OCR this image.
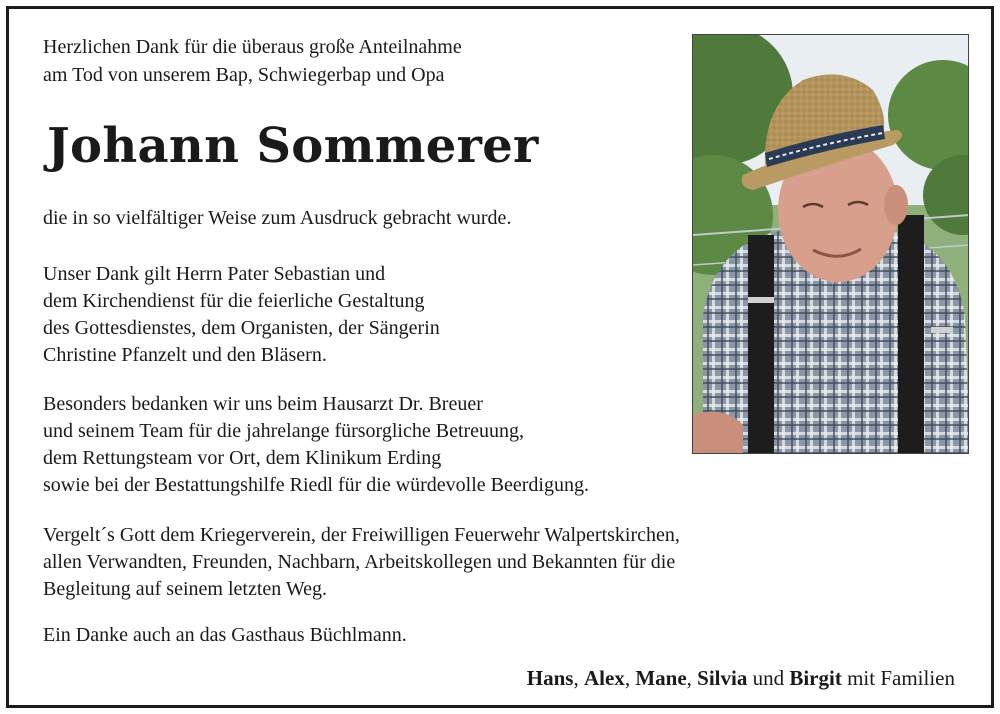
Herzlichen Dank für die überaus große Anteilnahme
am Tod von unserem Bap, Schwiegerbap und Opa
Johann Sommerer
die in so vielfältiger Weise zum Ausdruck gebracht wurde.
Unser Dank gilt Herrn Pater Sebastian und
dem Kirchendienst für die feierliche Gestaltung
des Gottesdienstes, dem Organisten, der Sängerin
Christine Pfanzelt und den Bläsern.
Besonders bedanken wir uns beim Hausarzt Dr. Breuer
und seinem Team für die jahrelange fürsorgliche Betreuung,
dem Rettungsteam vor Ort, dem Klinikum Erding
sowie bei der Bestattungshilfe Riedl für die würdevolle Beerdigung.
Vergelt´s Gott dem Kriegerverein, der Freiwilligen Feuerwehr Walpertskirchen,
allen Verwandten, Freunden, Nachbarn, Arbeitskollegen und Bekannten für die
Begleitung auf seinem letzten Weg.
Ein Danke auch an das Gasthaus Büchlmann.
Hans, Alex, Mane, Silvia und Birgit mit Familien
